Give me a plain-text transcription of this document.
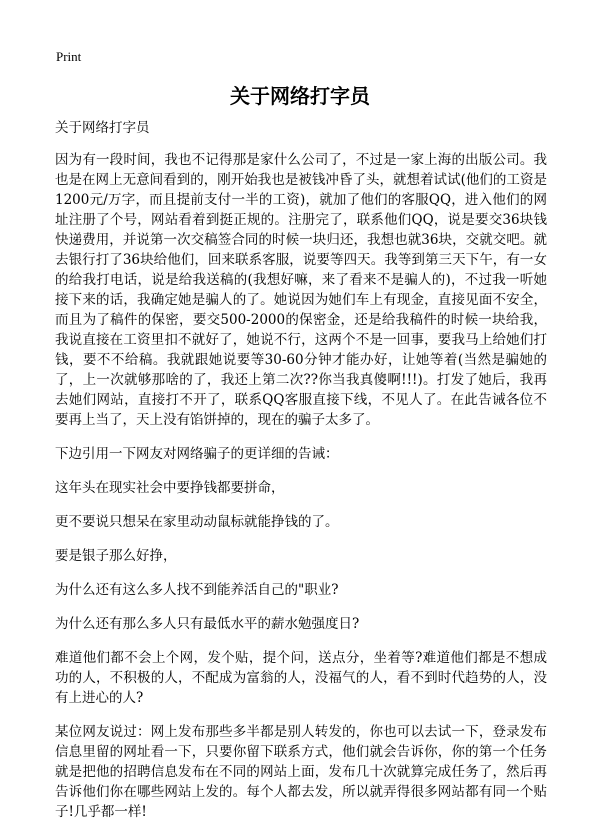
Print
关于网络打字员

关于网络打字员

因为有一段时间，我也不记得那是家什么公司了，不过是一家上海的出版公司。我也是在网上无意间看到的，刚开始我也是被钱冲昏了头，就想着试试(他们的工资是1200元/万字，而且提前支付一半的工资)，就加了他们的客服QQ，进入他们的网址注册了个号，网站看着到挺正规的。注册完了，联系他们QQ，说是要交36块钱快递费用，并说第一次交稿签合同的时候一块归还，我想也就36块，交就交吧。就去银行打了36块给他们，回来联系客服，说要等四天。我等到第三天下午，有一女的给我打电话，说是给我送稿的(我想好嘛，来了看来不是骗人的)，不过我一听她接下来的话，我确定她是骗人的了。她说因为她们车上有现金，直接见面不安全，而且为了稿件的保密，要交500-2000的保密金，还是给我稿件的时候一块给我，我说直接在工资里扣不就好了，她说不行，这两个不是一回事，要我马上给她们打钱，要不不给稿。我就跟她说要等30-60分钟才能办好，让她等着(当然是骗她的了，上一次就够那啥的了，我还上第二次??你当我真傻啊!!!)。打发了她后，我再去她们网站，直接打不开了，联系QQ客服直接下线，不见人了。在此告诫各位不要再上当了，天上没有馅饼掉的，现在的骗子太多了。

下边引用一下网友对网络骗子的更详细的告诫：

这年头在现实社会中要挣钱都要拼命，

更不要说只想呆在家里动动鼠标就能挣钱的了。

要是银子那么好挣，

为什么还有这么多人找不到能养活自己的"职业?

为什么还有那么多人只有最低水平的薪水勉强度日?

难道他们都不会上个网，发个贴，提个问，送点分，坐着等?难道他们都是不想成功的人，不积极的人，不配成为富翁的人，没福气的人，看不到时代趋势的人，没有上进心的人?

某位网友说过：网上发布那些多半都是别人转发的，你也可以去试一下，登录发布信息里留的网址看一下，只要你留下联系方式，他们就会告诉你，你的第一个任务就是把他的招聘信息发布在不同的网站上面，发布几十次就算完成任务了，然后再告诉他们你在哪些网站上发的。每个人都去发，所以就弄得很多网站都有同一个贴子!几乎都一样!
